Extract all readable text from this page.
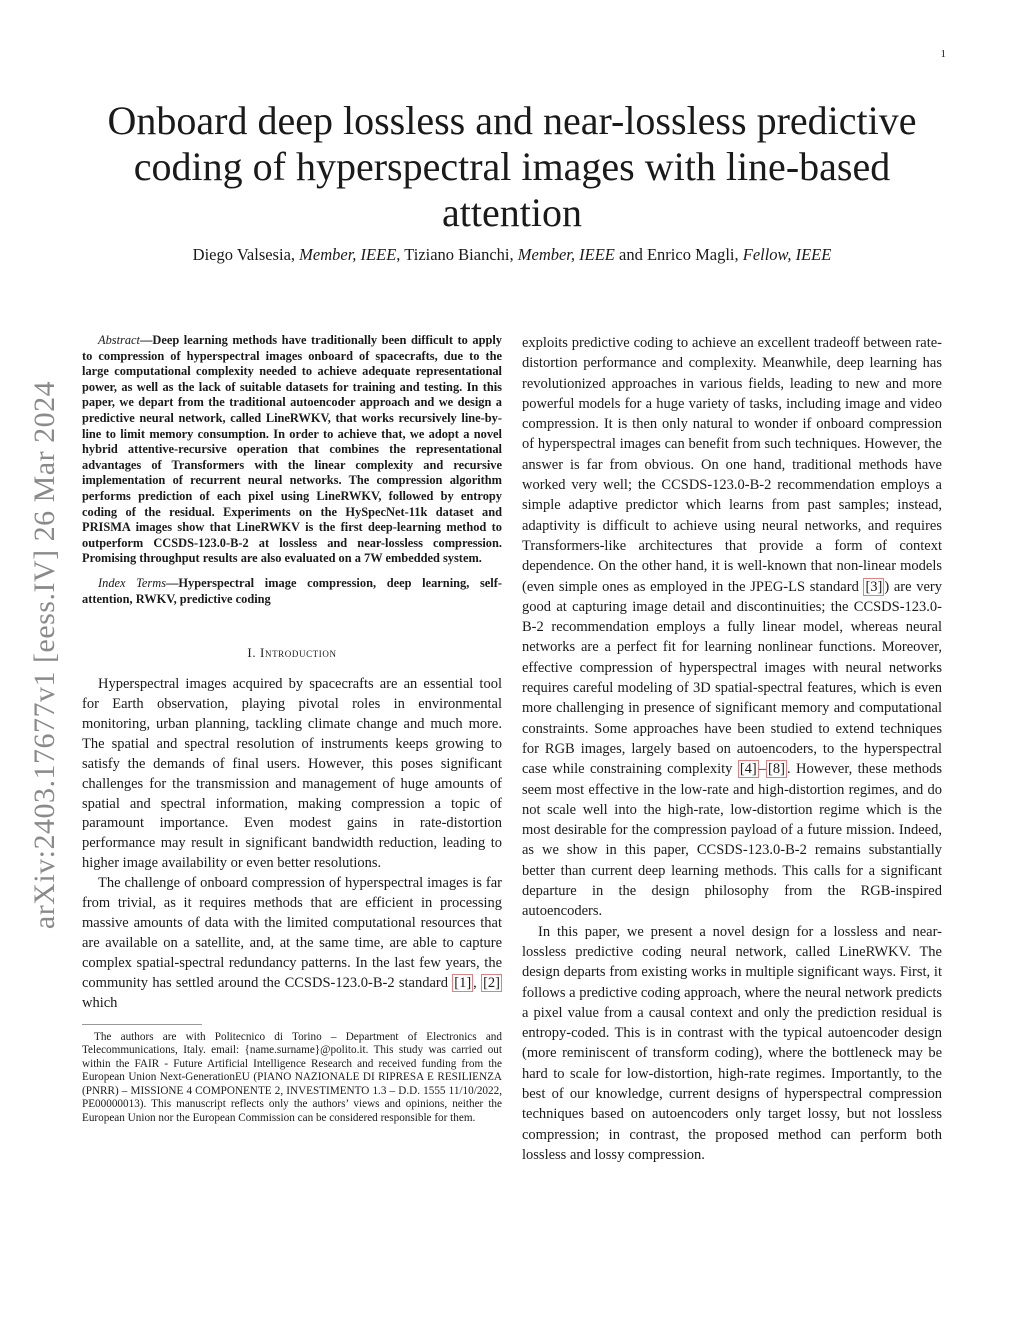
1
arXiv:2403.17677v1 [eess.IV] 26 Mar 2024
Onboard deep lossless and near-lossless predictive coding of hyperspectral images with line-based attention

Diego Valsesia, Member, IEEE, Tiziano Bianchi, Member, IEEE and Enrico Magli, Fellow, IEEE

Abstract—Deep learning methods have traditionally been difficult to apply to compression of hyperspectral images onboard of spacecrafts, due to the large computational complexity needed to achieve adequate representational power, as well as the lack of suitable datasets for training and testing. In this paper, we depart from the traditional autoencoder approach and we design a predictive neural network, called LineRWKV, that works recursively line-by-line to limit memory consumption. In order to achieve that, we adopt a novel hybrid attentive-recursive operation that combines the representational advantages of Transformers with the linear complexity and recursive implementation of recurrent neural networks. The compression algorithm performs prediction of each pixel using LineRWKV, followed by entropy coding of the residual. Experiments on the HySpecNet-11k dataset and PRISMA images show that LineRWKV is the first deep-learning method to outperform CCSDS-123.0-B-2 at lossless and near-lossless compression. Promising throughput results are also evaluated on a 7W embedded system.

Index Terms—Hyperspectral image compression, deep learning, self-attention, RWKV, predictive coding

I. Introduction

Hyperspectral images acquired by spacecrafts are an essential tool for Earth observation, playing pivotal roles in environmental monitoring, urban planning, tackling climate change and much more. The spatial and spectral resolution of instruments keeps growing to satisfy the demands of final users. However, this poses significant challenges for the transmission and management of huge amounts of spatial and spectral information, making compression a topic of paramount importance. Even modest gains in rate-distortion performance may result in significant bandwidth reduction, leading to higher image availability or even better resolutions.

The challenge of onboard compression of hyperspectral images is far from trivial, as it requires methods that are efficient in processing massive amounts of data with the limited computational resources that are available on a satellite, and, at the same time, are able to capture complex spatial-spectral redundancy patterns. In the last few years, the community has settled around the CCSDS-123.0-B-2 standard [1] , [2] which

The authors are with Politecnico di Torino – Department of Electronics and Telecommunications, Italy. email: {name.surname}@polito.it. This study was carried out within the FAIR - Future Artificial Intelligence Research and received funding from the European Union Next-GenerationEU (PIANO NAZIONALE DI RIPRESA E RESILIENZA (PNRR) – MISSIONE 4 COMPONENTE 2, INVESTIMENTO 1.3 – D.D. 1555 11/10/2022, PE00000013). This manuscript reflects only the authors’ views and opinions, neither the European Union nor the European Commission can be considered responsible for them.

exploits predictive coding to achieve an excellent tradeoff between rate-distortion performance and complexity. Meanwhile, deep learning has revolutionized approaches in various fields, leading to new and more powerful models for a huge variety of tasks, including image and video compression. It is then only natural to wonder if onboard compression of hyperspectral images can benefit from such techniques. However, the answer is far from obvious. On one hand, traditional methods have worked very well; the CCSDS-123.0-B-2 recommendation employs a simple adaptive predictor which learns from past samples; instead, adaptivity is difficult to achieve using neural networks, and requires Transformers-like architectures that provide a form of context dependence. On the other hand, it is well-known that non-linear models (even simple ones as employed in the JPEG-LS standard [3] ) are very good at capturing image detail and discontinuities; the CCSDS-123.0-B-2 recommendation employs a fully linear model, whereas neural networks are a perfect fit for learning nonlinear functions. Moreover, effective compression of hyperspectral images with neural networks requires careful modeling of 3D spatial-spectral features, which is even more challenging in presence of significant memory and computational constraints. Some approaches have been studied to extend techniques for RGB images, largely based on autoencoders, to the hyperspectral case while constraining complexity [4] – [8] . However, these methods seem most effective in the low-rate and high-distortion regimes, and do not scale well into the high-rate, low-distortion regime which is the most desirable for the compression payload of a future mission. Indeed, as we show in this paper, CCSDS-123.0-B-2 remains substantially better than current deep learning methods. This calls for a significant departure in the design philosophy from the RGB-inspired autoencoders.

In this paper, we present a novel design for a lossless and near-lossless predictive coding neural network, called LineRWKV. The design departs from existing works in multiple significant ways. First, it follows a predictive coding approach, where the neural network predicts a pixel value from a causal context and only the prediction residual is entropy-coded. This is in contrast with the typical autoencoder design (more reminiscent of transform coding), where the bottleneck may be hard to scale for low-distortion, high-rate regimes. Importantly, to the best of our knowledge, current designs of hyperspectral compression techniques based on autoencoders only target lossy, but not lossless compression; in contrast, the proposed method can perform both lossless and lossy compression.
